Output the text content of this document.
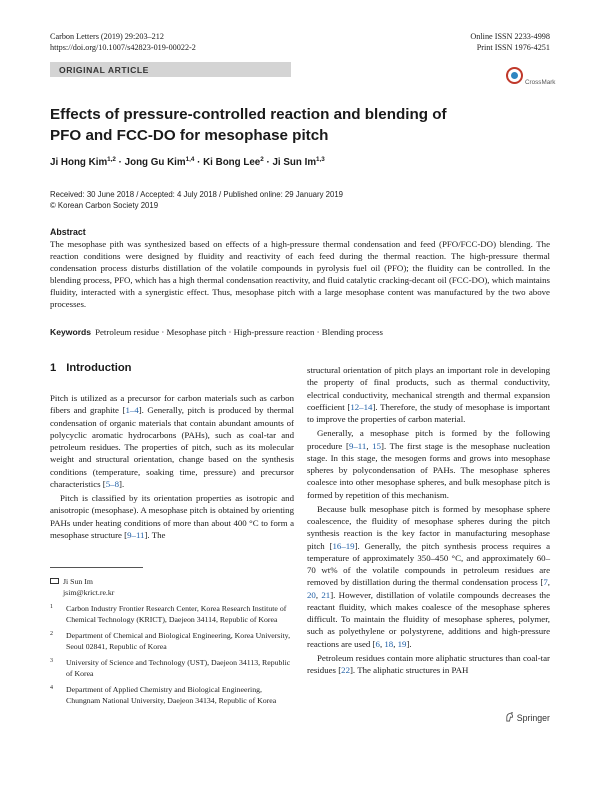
Carbon Letters (2019) 29:203–212
https://doi.org/10.1007/s42823-019-00022-2
Online ISSN 2233-4998
Print ISSN 1976-4251
ORIGINAL ARTICLE
CrossMark
Effects of pressure-controlled reaction and blending of PFO and FCC-DO for mesophase pitch
Ji Hong Kim$^{1,2}$ · Jong Gu Kim$^{1,4}$ · Ki Bong Lee$^2$ · Ji Sun Im$^{1,3}$
Received: 30 June 2018 / Accepted: 4 July 2018 / Published online: 29 January 2019
© Korean Carbon Society 2019
Abstract
The mesophase pith was synthesized based on effects of a high-pressure thermal condensation and feed (PFO/FCC-DO) blending. The reaction conditions were designed by fluidity and reactivity of each feed during the thermal reaction. The high-pressure thermal condensation process disturbs distillation of the volatile compounds in pyrolysis fuel oil (PFO); the fluidity can be controlled. In the blending process, PFO, which has a high thermal condensation reactivity, and fluid catalytic cracking-decant oil (FCC-DO), which maintains fluidity, interacted with a synergistic effect. Thus, mesophase pitch with a large mesophase content was manufactured by the two above processes.
Keywords Petroleum residue · Mesophase pitch · High-pressure reaction · Blending process
1 Introduction

Pitch is utilized as a precursor for carbon materials such as carbon fibers and graphite [1–4]. Generally, pitch is produced by thermal condensation of organic materials that contain abundant amounts of polycyclic aromatic hydrocarbons (PAHs), such as coal-tar and petroleum residues. The properties of pitch, such as its molecular weight and structural orientation, change based on the synthesis conditions (temperature, soaking time, pressure) and precursor characteristics [5–8].

Pitch is classified by its orientation properties as isotropic and anisotropic (mesophase). A mesophase pitch is obtained by orienting PAHs under heating conditions of more than about 400 °C to form a mesophase structure [9–11]. The

structural orientation of pitch plays an important role in developing the property of final products, such as thermal conductivity, electrical conductivity, mechanical strength and thermal expansion coefficient [12–14]. Therefore, the study of mesophase is important to improve the properties of carbon material.

Generally, a mesophase pitch is formed by the following procedure [9–11, 15]. The first stage is the mesophase nucleation stage. In this stage, the mesogen forms and grows into mesophase spheres by polycondensation of PAHs. The mesophase spheres coalesce into other mesophase spheres, and bulk mesophase pitch is formed by repetition of this mechanism.

Because bulk mesophase pitch is formed by mesophase sphere coalescence, the fluidity of mesophase spheres during the pitch synthesis reaction is the key factor in manufacturing mesophase pitch [16–19]. Generally, the pitch synthesis process requires a temperature of approximately 350–450 °C, and approximately 60–70 wt% of the volatile compounds in petroleum residues are removed by distillation during the thermal condensation process [7, 20, 21]. However, distillation of volatile compounds decreases the reactant fluidity, which makes coalesce of the mesophase spheres difficult. To maintain the fluidity of mesophase spheres, polymer, such as polyethylene or polystyrene, additions and high-pressure reactions are used [6, 18, 19].

Petroleum residues contain more aliphatic structures than coal-tar residues [22]. The aliphatic structures in PAH

Ji Sun Im
jsim@krict.re.kr
1 Carbon Industry Frontier Research Center, Korea Research Institute of Chemical Technology (KRICT), Daejeon 34114, Republic of Korea
2 Department of Chemical and Biological Engineering, Korea University, Seoul 02841, Republic of Korea
3 University of Science and Technology (UST), Daejeon 34113, Republic of Korea
4 Department of Applied Chemistry and Biological Engineering, Chungnam National University, Daejeon 34134, Republic of Korea
Springer
